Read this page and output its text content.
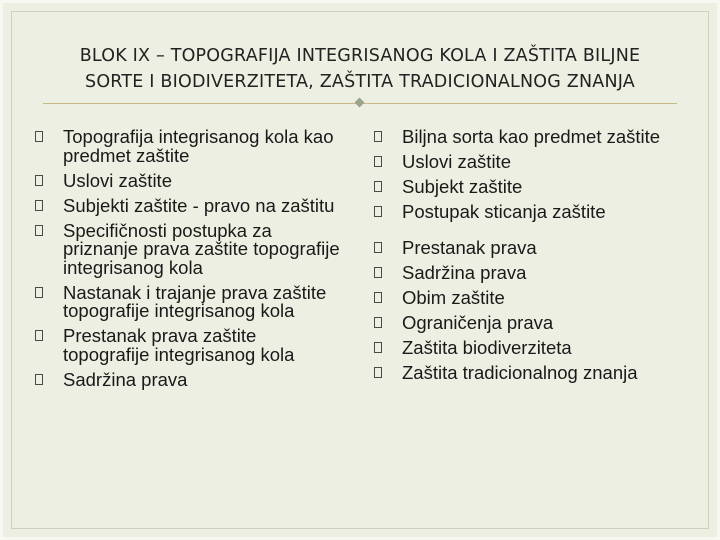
BLOK IX – TOPOGRAFIJA INTEGRISANOG KOLA I ZAŠTITA BILJNE
SORTE I BIODIVERZITETA, ZAŠTITA TRADICIONALNOG ZNANJA
Topografija integrisanog kola kao predmet zaštite
Uslovi zaštite
Subjekti zaštite - pravo na zaštitu
Specifičnosti postupka za priznanje prava zaštite topografije integrisanog kola
Nastanak i trajanje prava zaštite topografije integrisanog kola
Prestanak prava zaštite topografije integrisanog kola
Sadržina prava
Biljna sorta kao predmet zaštite
Uslovi zaštite
Subjekt zaštite
Postupak sticanja zaštite
Prestanak prava
Sadržina prava
Obim zaštite
Ograničenja prava
Zaštita biodiverziteta
Zaštita tradicionalnog znanja
